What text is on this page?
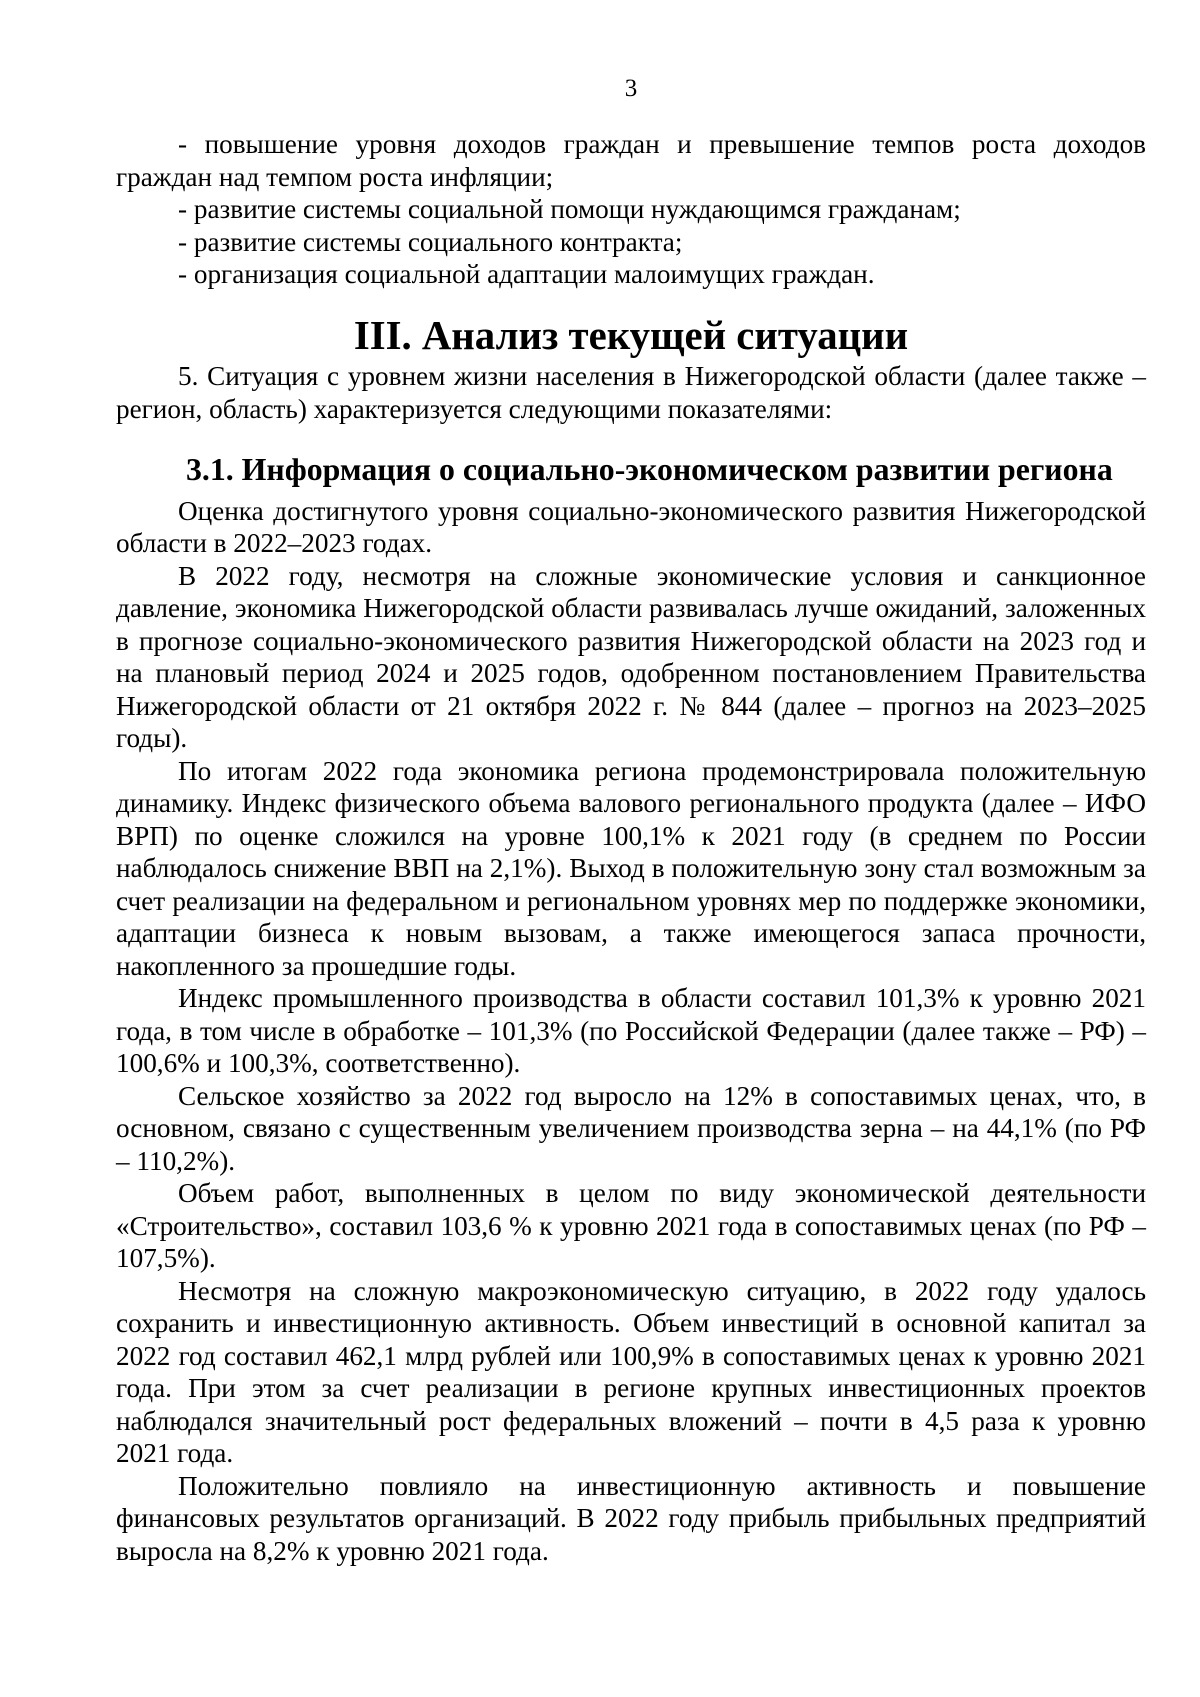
3

- повышение уровня доходов граждан и превышение темпов роста доходов граждан над темпом роста инфляции;

- развитие системы социальной помощи нуждающимся гражданам;

- развитие системы социального контракта;

- организация социальной адаптации малоимущих граждан.

III. Анализ текущей ситуации

5. Ситуация с уровнем жизни населения в Нижегородской области (далее также – регион, область) характеризуется следующими показателями:

3.1. Информация о социально-экономическом развитии региона

Оценка достигнутого уровня социально-экономического развития Нижегородской области в 2022–2023 годах.

В 2022 году, несмотря на сложные экономические условия и санкционное давление, экономика Нижегородской области развивалась лучше ожиданий, заложенных в прогнозе социально-экономического развития Нижегородской области на 2023 год и на плановый период 2024 и 2025 годов, одобренном постановлением Правительства Нижегородской области от 21 октября 2022 г. № 844 (далее – прогноз на 2023–2025 годы).

По итогам 2022 года экономика региона продемонстрировала положительную динамику. Индекс физического объема валового регионального продукта (далее – ИФО ВРП) по оценке сложился на уровне 100,1% к 2021 году (в среднем по России наблюдалось снижение ВВП на 2,1%). Выход в положительную зону стал возможным за счет реализации на федеральном и региональном уровнях мер по поддержке экономики, адаптации бизнеса к новым вызовам, а также имеющегося запаса прочности, накопленного за прошедшие годы.

Индекс промышленного производства в области составил 101,3% к уровню 2021 года, в том числе в обработке – 101,3% (по Российской Федерации (далее также – РФ) – 100,6% и 100,3%, соответственно).

Сельское хозяйство за 2022 год выросло на 12% в сопоставимых ценах, что, в основном, связано с существенным увеличением производства зерна – на 44,1% (по РФ – 110,2%).

Объем работ, выполненных в целом по виду экономической деятельности «Строительство», составил 103,6 % к уровню 2021 года в сопоставимых ценах (по РФ – 107,5%).

Несмотря на сложную макроэкономическую ситуацию, в 2022 году удалось сохранить и инвестиционную активность. Объем инвестиций в основной капитал за 2022 год составил 462,1 млрд рублей или 100,9% в сопоставимых ценах к уровню 2021 года. При этом за счет реализации в регионе крупных инвестиционных проектов наблюдался значительный рост федеральных вложений – почти в 4,5 раза к уровню 2021 года.

Положительно повлияло на инвестиционную активность и повышение финансовых результатов организаций. В 2022 году прибыль прибыльных предприятий выросла на 8,2% к уровню 2021 года.
